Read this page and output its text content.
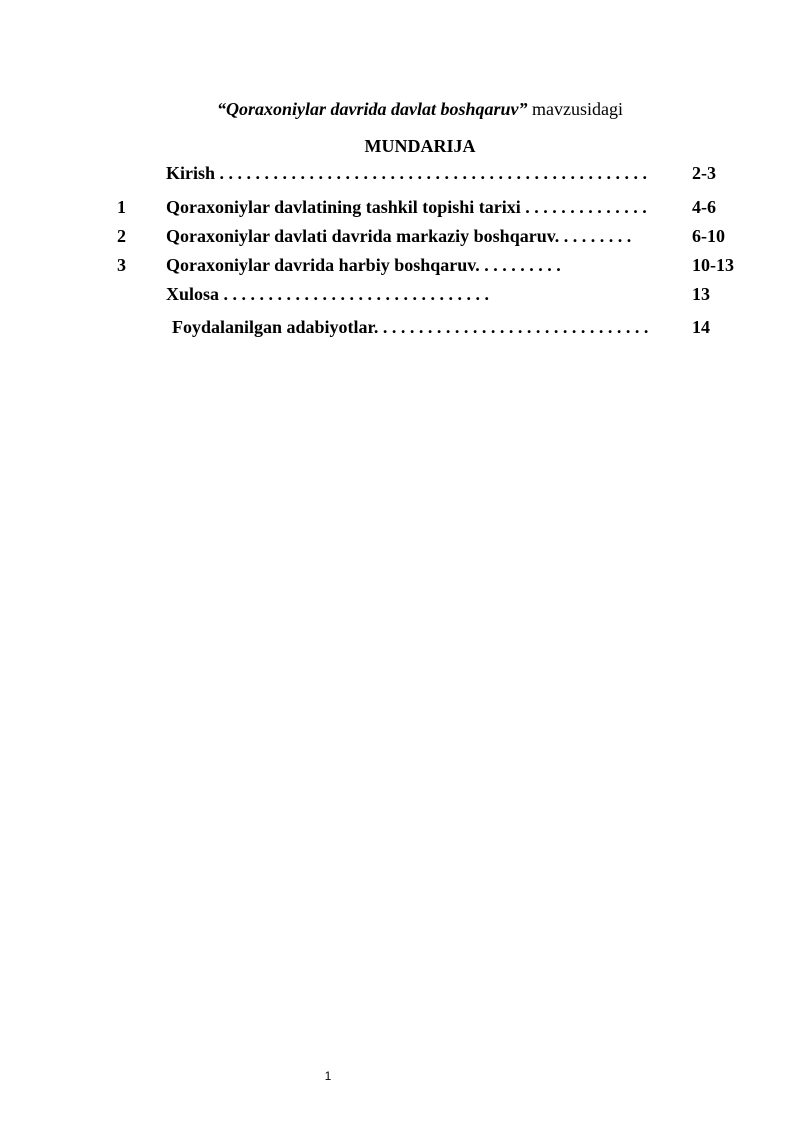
“Qoraxoniylar davrida davlat boshqaruv” mavzusidagi
MUNDARIJA
Kirish . . . . . . . . . . . . . . . . . . . . . . . . . . . . . . . . . . . . . . . . . . . . . . . . 2-3
1 Qoraxoniylar davlatining tashkil topishi tarixi . . . . . . . . . . . . . .	4-6
2 Qoraxoniylar davlati davrida markaziy boshqaruv. . . . . . . . .	6-10
3 Qoraxoniylar davrida harbiy boshqaruv. . . . . . . . . .	10-13
Xulosa . . . . . . . . . . . . . . . . . . . . . . . . . . . . . .	13
Foydalanilgan adabiyotlar. . . . . . . . . . . . . . . . . . . . . . . . . . . . . . . 14
1
